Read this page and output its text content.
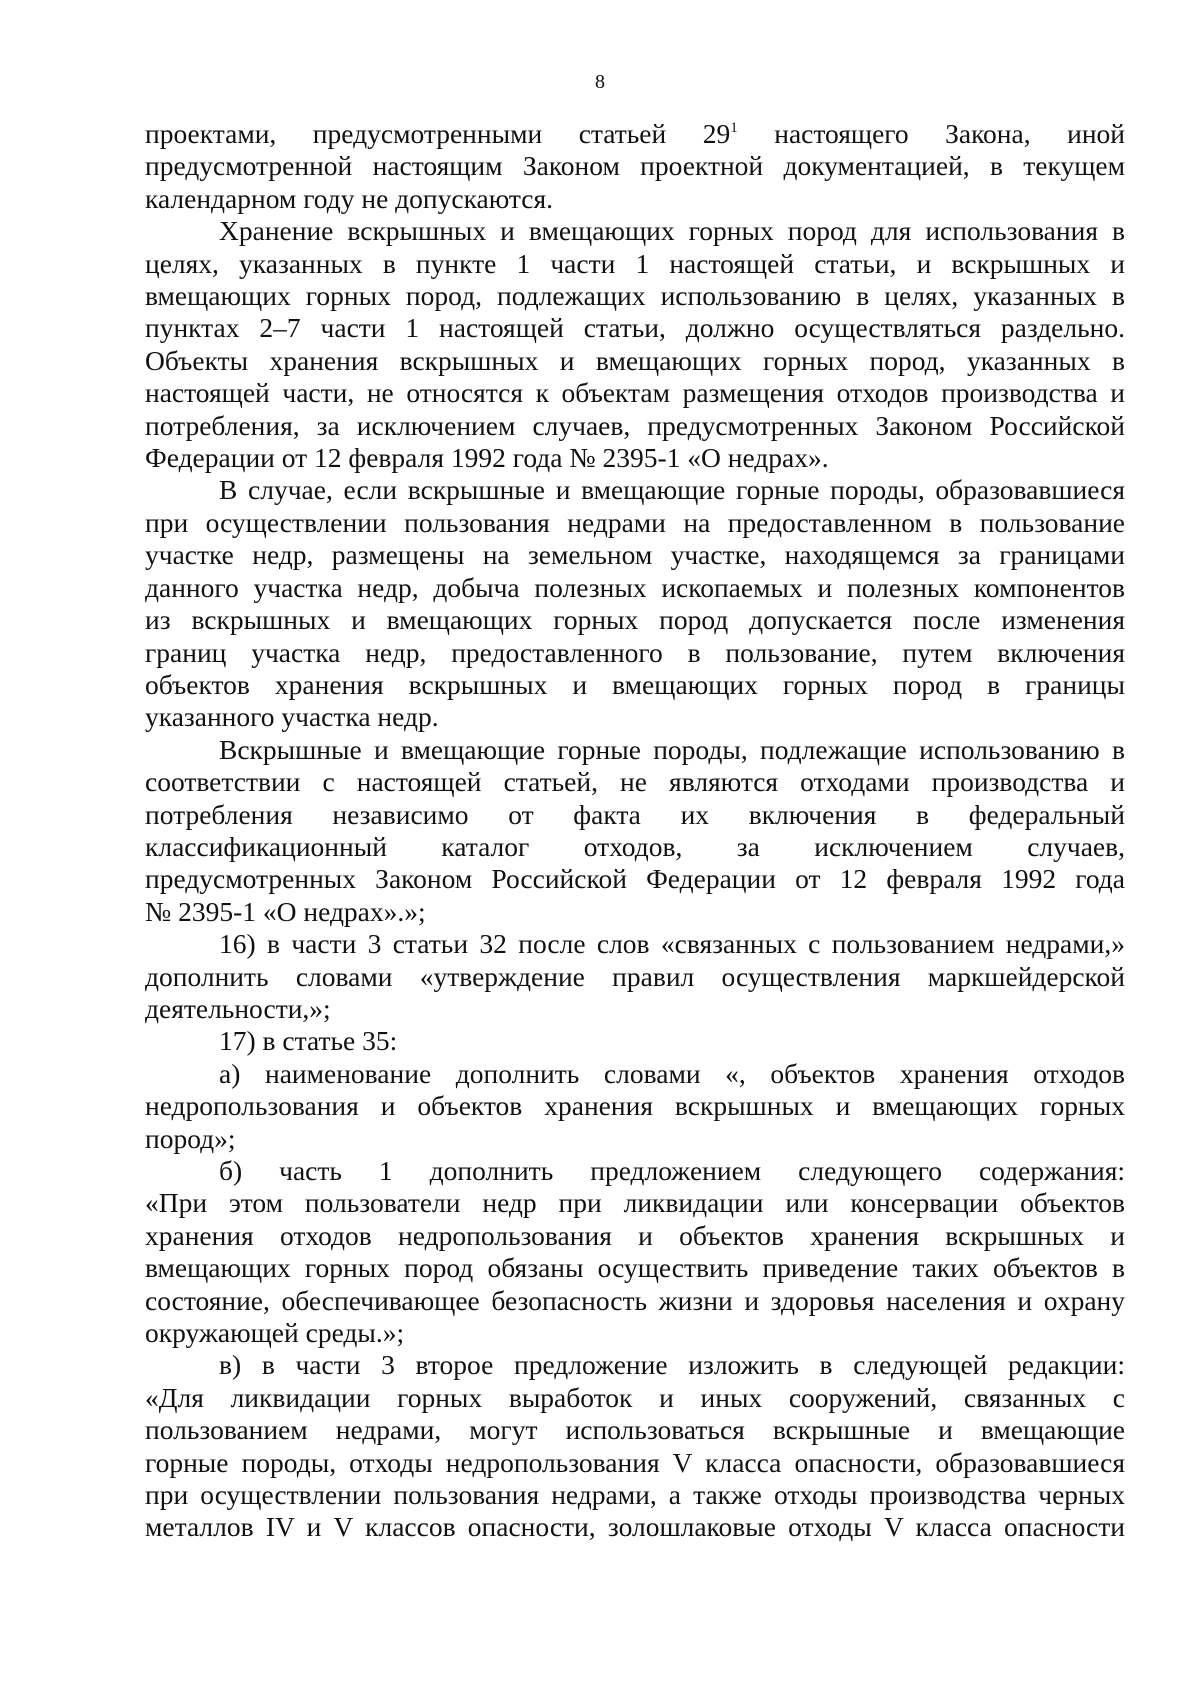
8
проектами, предусмотренными статьей $29^1$ настоящего Закона, иной
предусмотренной настоящим Законом проектной документацией, в текущем
календарном году не допускаются.
Хранение вскрышных и вмещающих горных пород для использования в
целях, указанных в пункте 1 части 1 настоящей статьи, и вскрышных и
вмещающих горных пород, подлежащих использованию в целях, указанных в
пунктах 2–7 части 1 настоящей статьи, должно осуществляться раздельно.
Объекты хранения вскрышных и вмещающих горных пород, указанных в
настоящей части, не относятся к объектам размещения отходов производства и
потребления, за исключением случаев, предусмотренных Законом Российской
Федерации от 12 февраля 1992 года № 2395-1 «О недрах».
В случае, если вскрышные и вмещающие горные породы, образовавшиеся
при осуществлении пользования недрами на предоставленном в пользование
участке недр, размещены на земельном участке, находящемся за границами
данного участка недр, добыча полезных ископаемых и полезных компонентов
из вскрышных и вмещающих горных пород допускается после изменения
границ участка недр, предоставленного в пользование, путем включения
объектов хранения вскрышных и вмещающих горных пород в границы
указанного участка недр.
Вскрышные и вмещающие горные породы, подлежащие использованию в
соответствии с настоящей статьей, не являются отходами производства и
потребления независимо от факта их включения в федеральный
классификационный каталог отходов, за исключением случаев,
предусмотренных Законом Российской Федерации от 12 февраля 1992 года
№ 2395-1 «О недрах».»;
16) в части 3 статьи 32 после слов «связанных с пользованием недрами,»
дополнить словами «утверждение правил осуществления маркшейдерской
деятельности,»;
17) в статье 35:
а) наименование дополнить словами «, объектов хранения отходов
недропользования и объектов хранения вскрышных и вмещающих горных
пород»;
б) часть 1 дополнить предложением следующего содержания:
«При этом пользователи недр при ликвидации или консервации объектов
хранения отходов недропользования и объектов хранения вскрышных и
вмещающих горных пород обязаны осуществить приведение таких объектов в
состояние, обеспечивающее безопасность жизни и здоровья населения и охрану
окружающей среды.»;
в) в части 3 второе предложение изложить в следующей редакции:
«Для ликвидации горных выработок и иных сооружений, связанных с
пользованием недрами, могут использоваться вскрышные и вмещающие
горные породы, отходы недропользования V класса опасности, образовавшиеся
при осуществлении пользования недрами, а также отходы производства черных
металлов IV и V классов опасности, золошлаковые отходы V класса опасности
